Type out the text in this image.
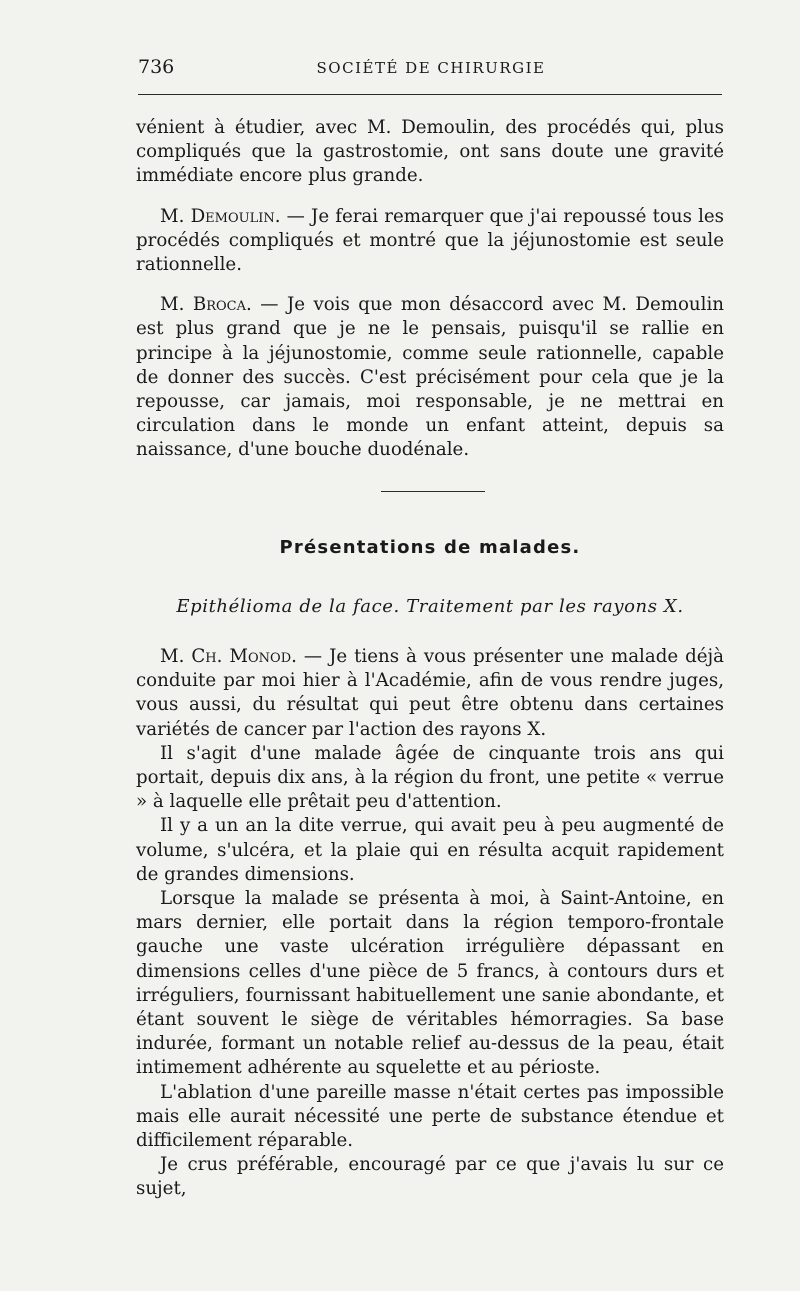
736	SOCIÉTÉ DE CHIRURGIE

vénient à étudier, avec M. Demoulin, des procédés qui, plus compliqués que la gastrostomie, ont sans doute une gravité immédiate encore plus grande.

M. Demoulin. — Je ferai remarquer que j'ai repoussé tous les procédés compliqués et montré que la jéjunostomie est seule rationnelle.

M. Broca. — Je vois que mon désaccord avec M. Demoulin est plus grand que je ne le pensais, puisqu'il se rallie en principe à la jéjunostomie, comme seule rationnelle, capable de donner des succès. C'est précisément pour cela que je la repousse, car jamais, moi responsable, je ne mettrai en circulation dans le monde un enfant atteint, depuis sa naissance, d'une bouche duodénale.

Présentations de malades.
Epithélioma de la face. Traitement par les rayons X.

M. Ch. Monod. — Je tiens à vous présenter une malade déjà conduite par moi hier à l'Académie, afin de vous rendre juges, vous aussi, du résultat qui peut être obtenu dans certaines variétés de cancer par l'action des rayons X.

Il s'agit d'une malade âgée de cinquante trois ans qui portait, depuis dix ans, à la région du front, une petite « verrue » à laquelle elle prêtait peu d'attention.

Il y a un an la dite verrue, qui avait peu à peu augmenté de volume, s'ulcéra, et la plaie qui en résulta acquit rapidement de grandes dimensions.

Lorsque la malade se présenta à moi, à Saint-Antoine, en mars dernier, elle portait dans la région temporo-frontale gauche une vaste ulcération irrégulière dépassant en dimensions celles d'une pièce de 5 francs, à contours durs et irréguliers, fournissant habituellement une sanie abondante, et étant souvent le siège de véritables hémorragies. Sa base indurée, formant un notable relief au-dessus de la peau, était intimement adhérente au squelette et au périoste.

L'ablation d'une pareille masse n'était certes pas impossible mais elle aurait nécessité une perte de substance étendue et difficilement réparable.

Je crus préférable, encouragé par ce que j'avais lu sur ce sujet,
